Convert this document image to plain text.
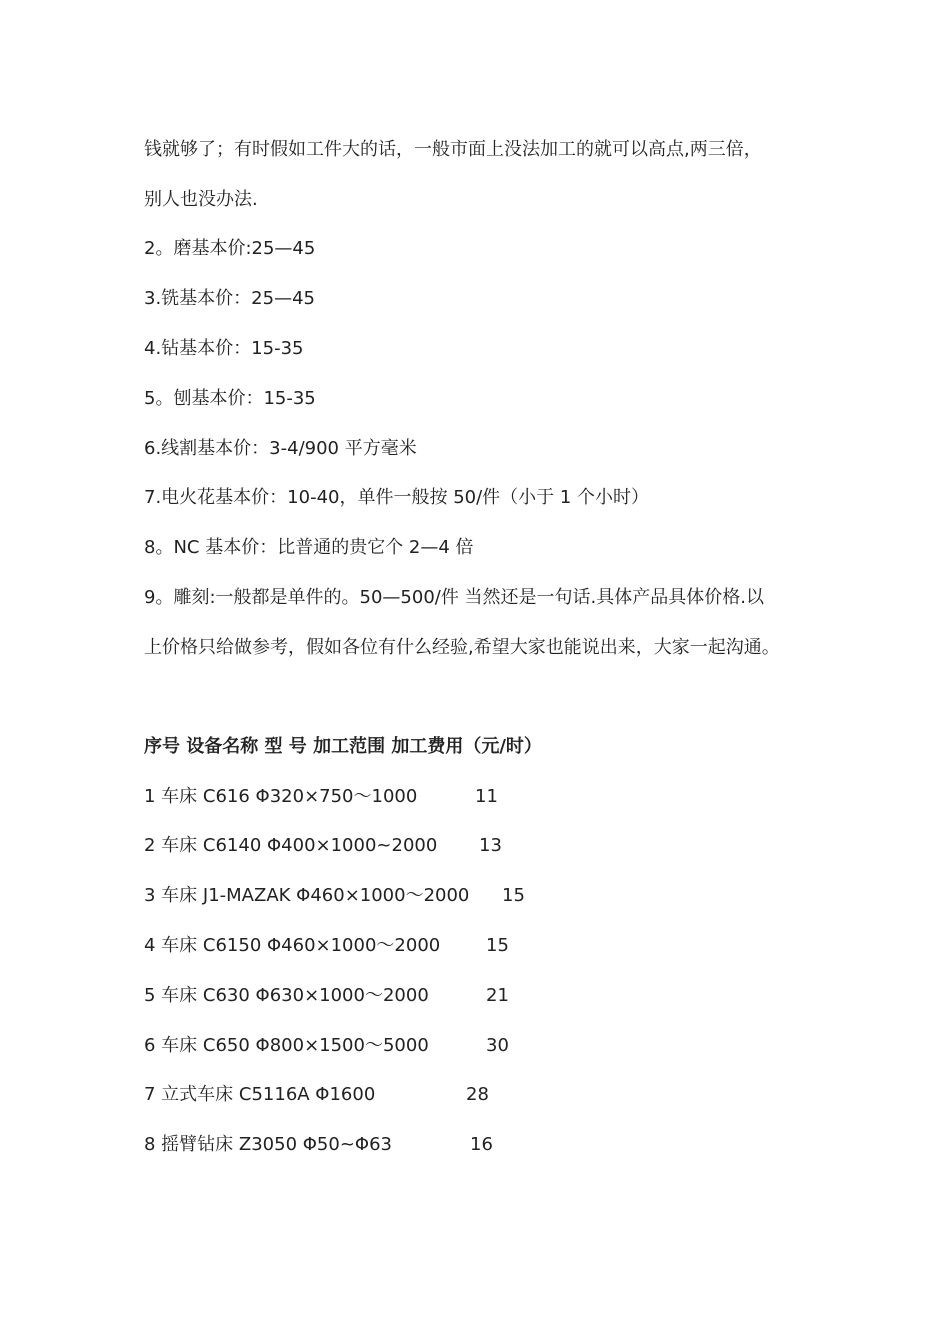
钱就够了；有时假如工件大的话，一般市面上没法加工的就可以高点,两三倍，
别人也没办法.
2。磨基本价:25—45
3.铣基本价：25—45
4.钻基本价：15-35
5。刨基本价：15-35
6.线割基本价：3-4/900 平方毫米
7.电火花基本价：10-40，单件一般按 50/件（小于 1 个小时）
8。NC 基本价：比普通的贵它个 2—4 倍
9。雕刻:一般都是单件的。50—500/件 当然还是一句话.具体产品具体价格.以
上价格只给做参考，假如各位有什么经验,希望大家也能说出来，大家一起沟通。
序号 设备名称 型 号 加工范围 加工费用（元/时）
1 车床 C616 Φ320×750～1000	11
2 车床 C6140 Φ400×1000~2000 13
3 车床 J1-MAZAK Φ460×1000～2000 15
4 车床 C6150 Φ460×1000～2000	15
5 车床 C630 Φ630×1000～2000	21
6 车床 C650 Φ800×1500～5000	30
7 立式车床 C5116A Φ1600	28
8 摇臂钻床 Z3050 Φ50~Φ63	16
